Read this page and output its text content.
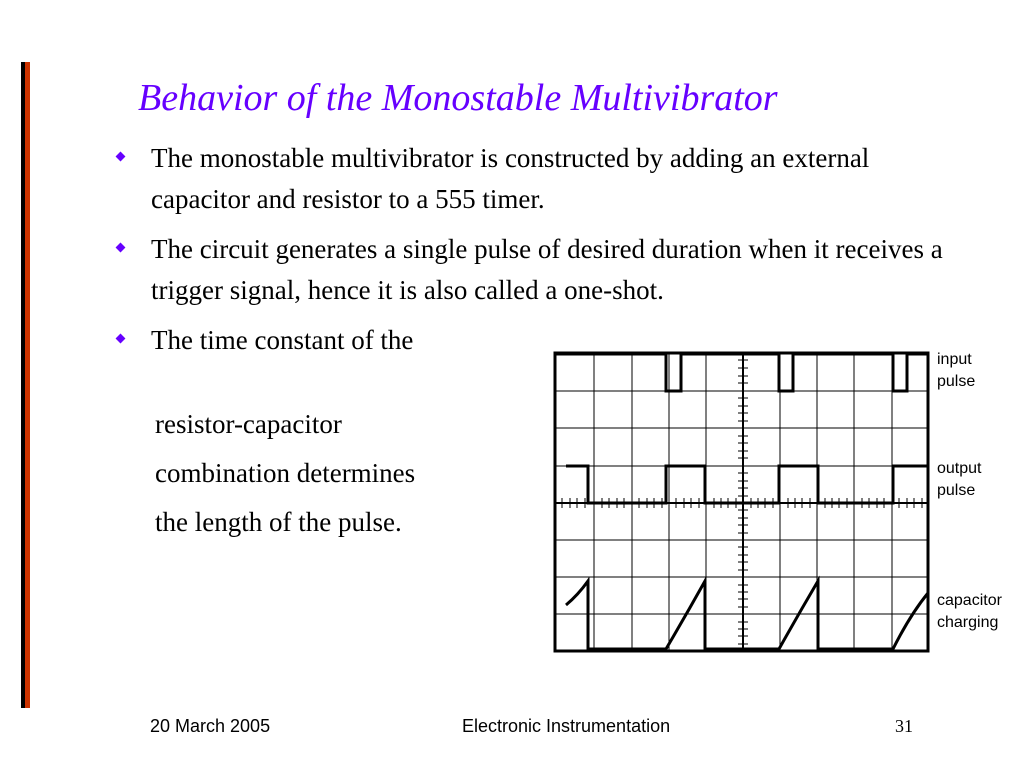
Behavior of the Monostable Multivibrator
The monostable multivibrator is constructed by adding an external capacitor and resistor to a 555 timer.
The circuit generates a single pulse of desired duration when it receives a trigger signal, hence it is also called a one-shot.
The time constant of the
resistor-capacitor
combination determines
the length of the pulse.
input
pulse
output
pulse
capacitor
charging
20 March 2005	Electronic Instrumentation	31
